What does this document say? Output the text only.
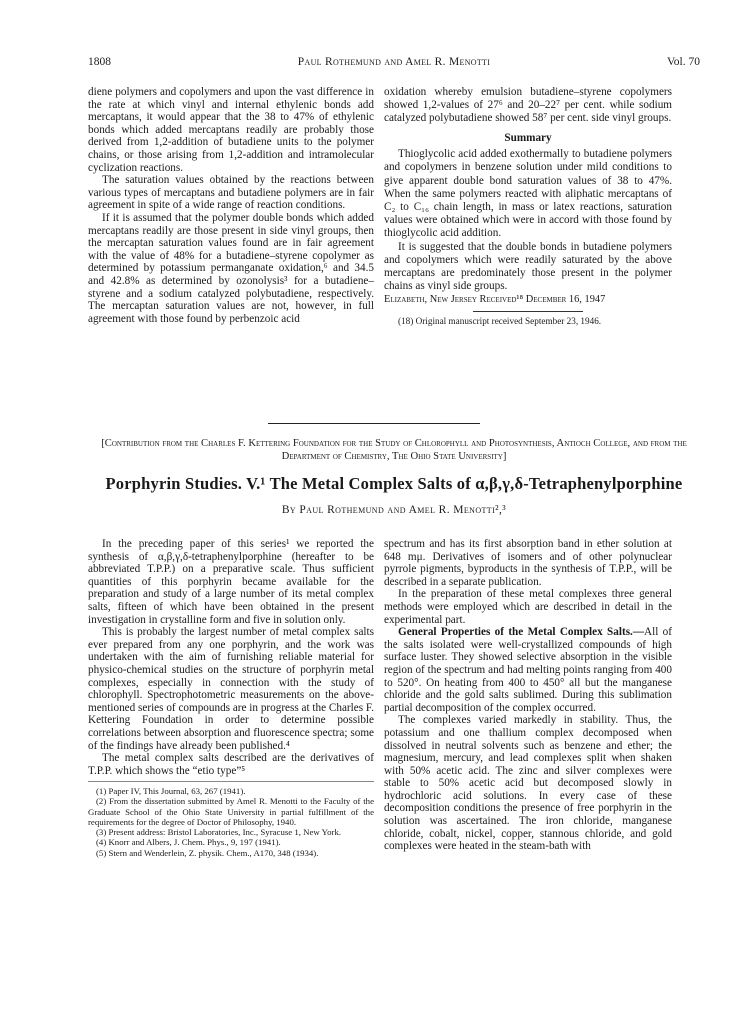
1808	Paul Rothemund and Amel R. Menotti	Vol. 70

diene polymers and copolymers and upon the vast difference in the rate at which vinyl and internal ethylenic bonds add mercaptans, it would appear that the 38 to 47% of ethylenic bonds which added mercaptans readily are probably those derived from 1,2-addition of butadiene units to the polymer chains, or those arising from 1,2-addition and intramolecular cyclization reactions.

The saturation values obtained by the reactions between various types of mercaptans and butadiene polymers are in fair agreement in spite of a wide range of reaction conditions.

If it is assumed that the polymer double bonds which added mercaptans readily are those present in side vinyl groups, then the mercaptan saturation values found are in fair agreement with the value of 48% for a butadiene–styrene copolymer as determined by potassium permanganate oxidation,⁶ and 34.5 and 42.8% as determined by ozonolysis³ for a butadiene–styrene and a sodium catalyzed polybutadiene, respectively. The mercaptan saturation values are not, however, in full agreement with those found by perbenzoic acid

oxidation whereby emulsion butadiene–styrene copolymers showed 1,2-values of 27⁶ and 20–22⁷ per cent. while sodium catalyzed polybutadiene showed 58⁷ per cent. side vinyl groups.

Summary

Thioglycolic acid added exothermally to butadiene polymers and copolymers in benzene solution under mild conditions to give apparent double bond saturation values of 38 to 47%. When the same polymers reacted with aliphatic mercaptans of C₂ to C₁₆ chain length, in mass or latex reactions, saturation values were obtained which were in accord with those found by thioglycolic acid addition.

It is suggested that the double bonds in butadiene polymers and copolymers which were readily saturated by the above mercaptans are predominately those present in the polymer chains as vinyl side groups.

Elizabeth, New Jersey Received¹⁸ December 16, 1947

(18) Original manuscript received September 23, 1946.

[Contribution from the Charles F. Kettering Foundation for the Study of Chlorophyll and Photosynthesis, Antioch College, and from the Department of Chemistry, The Ohio State University]
Porphyrin Studies. V.¹ The Metal Complex Salts of α,β,γ,δ-Tetraphenylporphine
By Paul Rothemund and Amel R. Menotti²,³

In the preceding paper of this series¹ we reported the synthesis of α,β,γ,δ-tetraphenylporphine (hereafter to be abbreviated T.P.P.) on a preparative scale. Thus sufficient quantities of this porphyrin became available for the preparation and study of a large number of its metal complex salts, fifteen of which have been obtained in the present investigation in crystalline form and five in solution only.

This is probably the largest number of metal complex salts ever prepared from any one porphyrin, and the work was undertaken with the aim of furnishing reliable material for physico-chemical studies on the structure of porphyrin metal complexes, especially in connection with the study of chlorophyll. Spectrophotometric measurements on the above-mentioned series of compounds are in progress at the Charles F. Kettering Foundation in order to determine possible correlations between absorption and fluorescence spectra; some of the findings have already been published.⁴

The metal complex salts described are the derivatives of T.P.P. which shows the “etio type”⁵

(1) Paper IV, This Journal, 63, 267 (1941).
(2) From the dissertation submitted by Amel R. Menotti to the Faculty of the Graduate School of the Ohio State University in partial fulfillment of the requirements for the degree of Doctor of Philosophy, 1940.
(3) Present address: Bristol Laboratories, Inc., Syracuse 1, New York.
(4) Knorr and Albers, J. Chem. Phys., 9, 197 (1941).
(5) Stern and Wenderlein, Z. physik. Chem., A170, 348 (1934).

spectrum and has its first absorption band in ether solution at 648 mμ. Derivatives of isomers and of other polynuclear pyrrole pigments, byproducts in the synthesis of T.P.P., will be described in a separate publication.

In the preparation of these metal complexes three general methods were employed which are described in detail in the experimental part.

General Properties of the Metal Complex Salts.—All of the salts isolated were well-crystallized compounds of high surface luster. They showed selective absorption in the visible region of the spectrum and had melting points ranging from 400 to 520°. On heating from 400 to 450° all but the manganese chloride and the gold salts sublimed. During this sublimation partial decomposition of the complex occurred.

The complexes varied markedly in stability. Thus, the potassium and one thallium complex decomposed when dissolved in neutral solvents such as benzene and ether; the magnesium, mercury, and lead complexes split when shaken with 50% acetic acid. The zinc and silver complexes were stable to 50% acetic acid but decomposed slowly in hydrochloric acid solutions. In every case of these decomposition conditions the presence of free porphyrin in the solution was ascertained. The iron chloride, manganese chloride, cobalt, nickel, copper, stannous chloride, and gold complexes were heated in the steam-bath with
